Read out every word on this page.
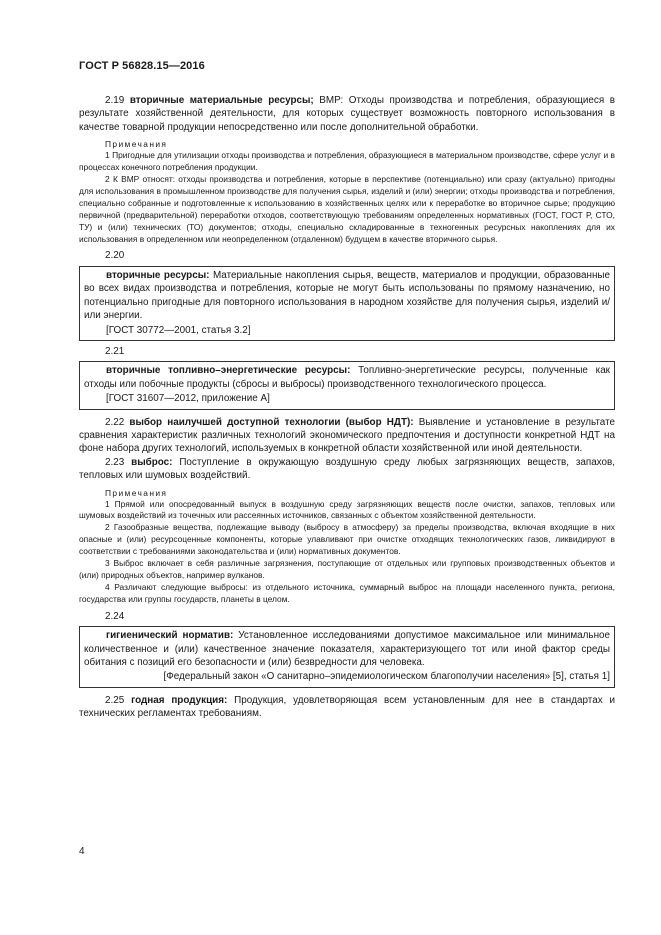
ГОСТ Р 56828.15—2016

2.19 вторичные материальные ресурсы; ВМР: Отходы производства и потребления, образующиеся в результате хозяйственной деятельности, для которых существует возможность повторного использования в качестве товарной продукции непосредственно или после дополнительной обработки.

Примечания

1 Пригодные для утилизации отходы производства и потребления, образующиеся в материальном производстве, сфере услуг и в процессах конечного потребления продукции.

2 К ВМР относят: отходы производства и потребления, которые в перспективе (потенциально) или сразу (актуально) пригодны для использования в промышленном производстве для получения сырья, изделий и (или) энергии; отходы производства и потребления, специально собранные и подготовленные к использованию в хозяйственных целях или к переработке во вторичное сырье; продукцию первичной (предварительной) переработки отходов, соответствующую требованиям определенных нормативных (ГОСТ, ГОСТ Р, СТО, ТУ) и (или) технических (ТО) документов; отходы, специально складированные в техногенных ресурсных накоплениях для их использования в определенном или неопределенном (отдаленном) будущем в качестве вторичного сырья.

2.20

вторичные ресурсы: Материальные накопления сырья, веществ, материалов и продукции, образованные во всех видах производства и потребления, которые не могут быть использованы по прямому назначению, но потенциально пригодные для повторного использования в народном хозяйстве для получения сырья, изделий и/или энергии.

[ГОСТ 30772—2001, статья 3.2]

2.21

вторичные топливно–энергетические ресурсы: Топливно-энергетические ресурсы, полученные как отходы или побочные продукты (сбросы и выбросы) производственного технологического процесса.

[ГОСТ 31607—2012, приложение А]

2.22 выбор наилучшей доступной технологии (выбор НДТ): Выявление и установление в результате сравнения характеристик различных технологий экономического предпочтения и доступности конкретной НДТ на фоне набора других технологий, используемых в конкретной области хозяйственной или иной деятельности.

2.23 выброс: Поступление в окружающую воздушную среду любых загрязняющих веществ, запахов, тепловых или шумовых воздействий.

Примечания

1 Прямой или опосредованный выпуск в воздушную среду загрязняющих веществ после очистки, запахов, тепловых или шумовых воздействий из точечных или рассеянных источников, связанных с объектом хозяйственной деятельности.

2 Газообразные вещества, подлежащие выводу (выбросу в атмосферу) за пределы производства, включая входящие в них опасные и (или) ресурсоценные компоненты, которые улавливают при очистке отходящих технологических газов, ликвидируют в соответствии с требованиями законодательства и (или) нормативных документов.

3 Выброс включает в себя различные загрязнения, поступающие от отдельных или групповых производственных объектов и (или) природных объектов, например вулканов.

4 Различают следующие выбросы: из отдельного источника, суммарный выброс на площади населенного пункта, региона, государства или группы государств, планеты в целом.

2.24

гигиенический норматив: Установленное исследованиями допустимое максимальное или минимальное количественное и (или) качественное значение показателя, характеризующего тот или иной фактор среды обитания с позиций его безопасности и (или) безвредности для человека.

[Федеральный закон «О санитарно–эпидемиологическом благополучии населения» [5], статья 1]

2.25 годная продукция: Продукция, удовлетворяющая всем установленным для нее в стандартах и технических регламентах требованиям.

4
